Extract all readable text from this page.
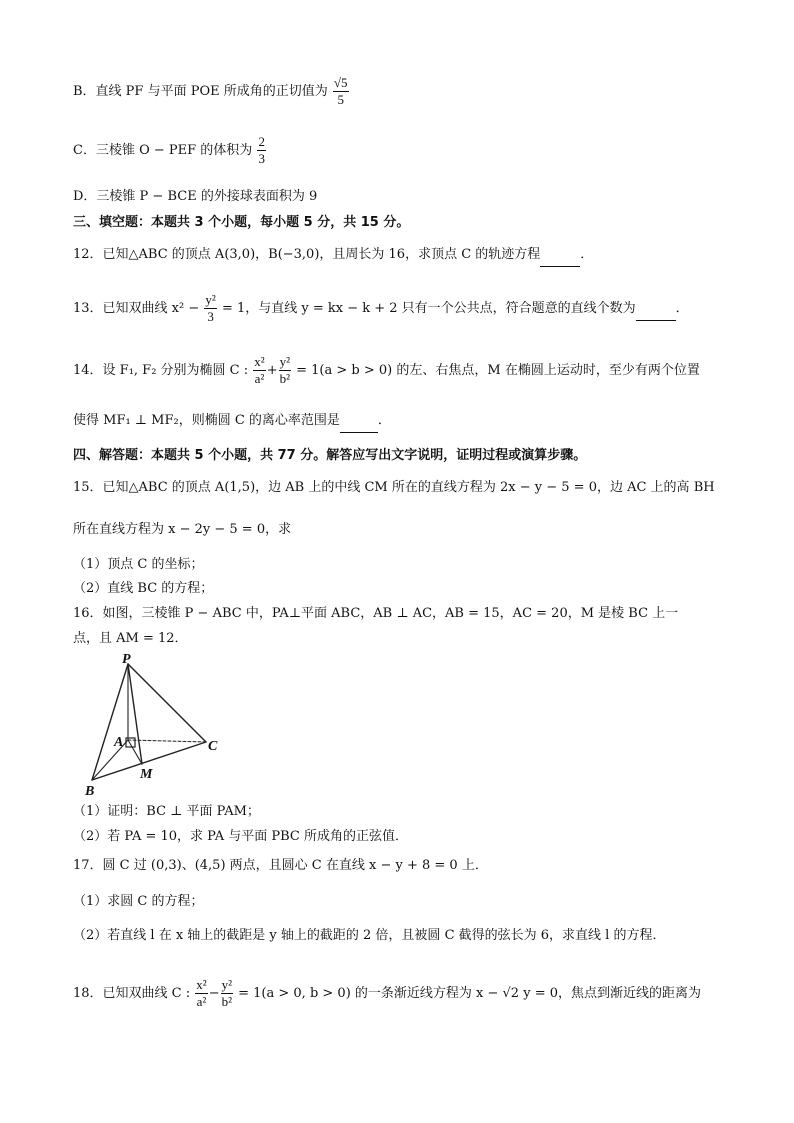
B．直线 PF 与平面 POE 所成角的正切值为 $\frac{√5}{5}$
C．三棱锥 O − PEF 的体积为 $\frac{2}{3}$
D．三棱锥 P − BCE 的外接球表面积为 9
三、填空题：本题共 3 个小题，每小题 5 分，共 15 分。
12．已知△ABC 的顶点 A(3,0)，B(−3,0)，且周长为 16，求顶点 C 的轨迹方程	．
13．已知双曲线 $x^2 - \frac{\text{y²}}{3} = 1$，与直线 y = kx − k + 2 只有一个公共点，符合题意的直线个数为	．
14．设 F₁, F₂ 分别为椭圆 C : $\frac{\text{x²}}{\text{a²}} + \frac{\text{y²}}{\text{b²}} = 1(a > b > 0)$ 的左、右焦点，M 在椭圆上运动时，至少有两个位置
使得 MF₁ ⊥ MF₂，则椭圆 C 的离心率范围是	．
四、解答题：本题共 5 个小题，共 77 分。解答应写出文字说明，证明过程或演算步骤。
15．已知△ABC 的顶点 A(1,5)，边 AB 上的中线 CM 所在的直线方程为 2x − y − 5 = 0，边 AC 上的高 BH
所在直线方程为 x − 2y − 5 = 0，求
（1）顶点 C 的坐标；
（2）直线 BC 的方程；
16．如图，三棱锥 P − ABC 中，PA⊥平面 ABC，AB ⊥ AC，AB = 15，AC = 20，M 是棱 BC 上一
点，且 AM = 12．
P
A
B
C
M
（1）证明：BC ⊥ 平面 PAM；
（2）若 PA = 10，求 PA 与平面 PBC 所成角的正弦值．
17．圆 C 过 (0,3)、(4,5) 两点，且圆心 C 在直线 x − y + 8 = 0 上．
（1）求圆 C 的方程；
（2）若直线 l 在 x 轴上的截距是 y 轴上的截距的 2 倍，且被圆 C 截得的弦长为 6，求直线 l 的方程．
18．已知双曲线 C : $\frac{\text{x²}}{\text{a²}} - \frac{\text{y²}}{\text{b²}} = 1(a > 0$, b > 0) 的一条渐近线方程为 x − √2 y = 0，焦点到渐近线的距离为
